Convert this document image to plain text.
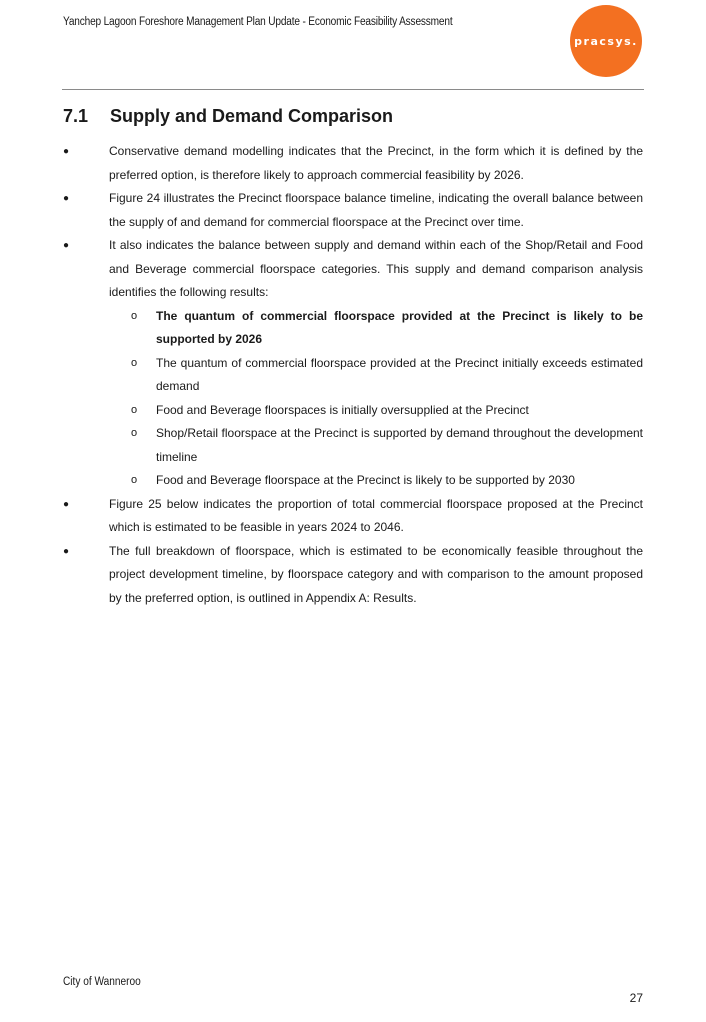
Yanchep Lagoon Foreshore Management Plan Update - Economic Feasibility Assessment
pracsys.
7.1 Supply and Demand Comparison
●	Conservative demand modelling indicates that the Precinct, in the form which it is defined by the preferred option, is therefore likely to approach commercial feasibility by 2026.
●	Figure 24 illustrates the Precinct floorspace balance timeline, indicating the overall balance between the supply of and demand for commercial floorspace at the Precinct over time.
●	It also indicates the balance between supply and demand within each of the Shop/Retail and Food and Beverage commercial floorspace categories. This supply and demand comparison analysis identifies the following results:
o	The quantum of commercial floorspace provided at the Precinct is likely to be supported by 2026
o	The quantum of commercial floorspace provided at the Precinct initially exceeds estimated demand
o	Food and Beverage floorspaces is initially oversupplied at the Precinct
o	Shop/Retail floorspace at the Precinct is supported by demand throughout the development timeline
o	Food and Beverage floorspace at the Precinct is likely to be supported by 2030
●	Figure 25 below indicates the proportion of total commercial floorspace proposed at the Precinct which is estimated to be feasible in years 2024 to 2046.
●	The full breakdown of floorspace, which is estimated to be economically feasible throughout the project development timeline, by floorspace category and with comparison to the amount proposed by the preferred option, is outlined in Appendix A: Results.
City of Wanneroo
27
